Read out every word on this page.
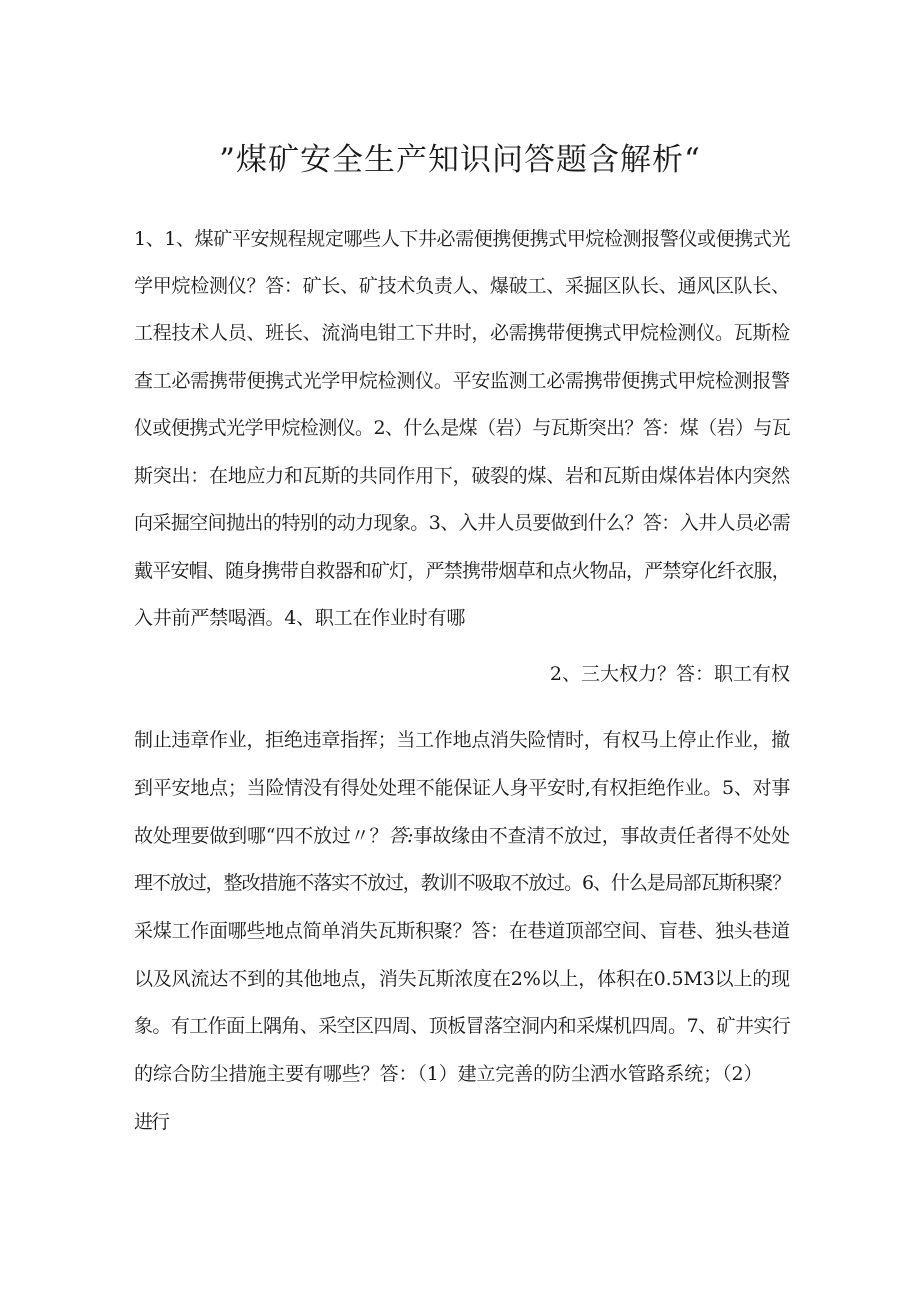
”煤矿安全生产知识问答题含解析“
1、1、煤矿平安规程规定哪些人下井必需便携便携式甲烷检测报警仪或便携式光
学甲烷检测仪？答：矿长、矿技术负责人、爆破工、采掘区队长、通风区队长、
工程技术人员、班长、流淌电钳工下井时，必需携带便携式甲烷检测仪。瓦斯检
查工必需携带便携式光学甲烷检测仪。平安监测工必需携带便携式甲烷检测报警
仪或便携式光学甲烷检测仪。2、什么是煤（岩）与瓦斯突出？答：煤（岩）与瓦
斯突出：在地应力和瓦斯的共同作用下，破裂的煤、岩和瓦斯由煤体岩体内突然
向采掘空间抛出的特别的动力现象。3、入井人员要做到什么？答：入井人员必需
戴平安帽、随身携带自救器和矿灯，严禁携带烟草和点火物品，严禁穿化纤衣服，
入井前严禁喝酒。4、职工在作业时有哪
2、三大权力？答：职工有权
制止违章作业，拒绝违章指挥；当工作地点消失险情时，有权马上停止作业，撤
到平安地点；当险情没有得处处理不能保证人身平安时,有权拒绝作业。5、对事
故处理要做到哪“四不放过〃？答:事故缘由不查清不放过，事故责任者得不处处
理不放过，整改措施不落实不放过，教训不吸取不放过。6、什么是局部瓦斯积聚？
采煤工作面哪些地点简单消失瓦斯积聚？答：在巷道顶部空间、盲巷、独头巷道
以及风流达不到的其他地点，消失瓦斯浓度在2%以上，体积在0.5M3以上的现
象。有工作面上隅角、采空区四周、顶板冒落空洞内和采煤机四周。7、矿井实行
的综合防尘措施主要有哪些？答：（1）建立完善的防尘洒水管路系统；（2）
进行
